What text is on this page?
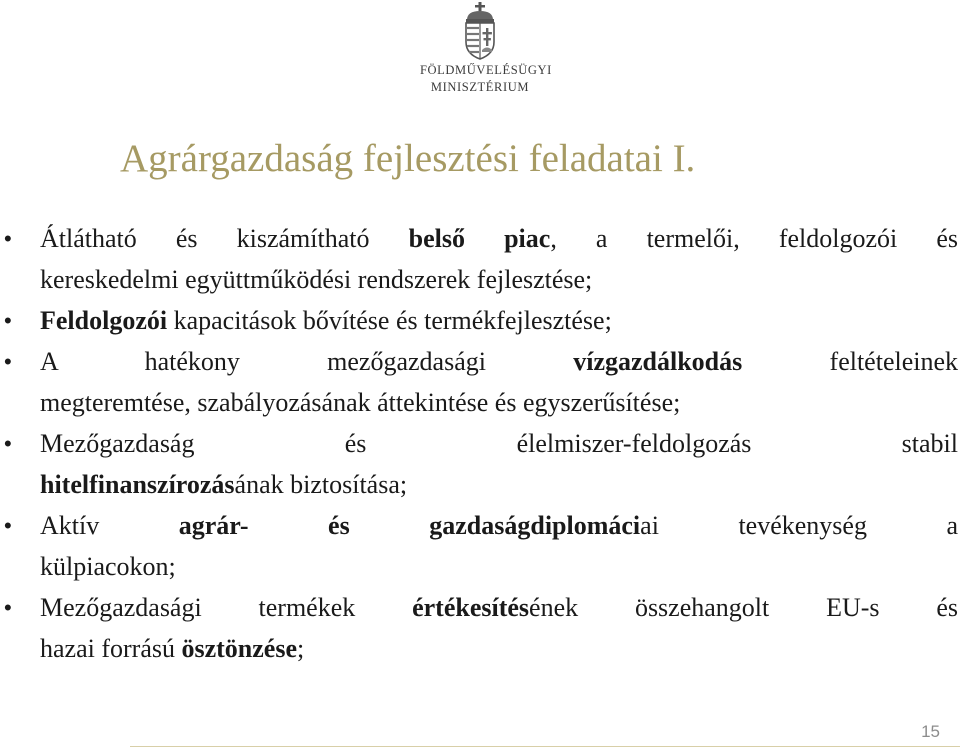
FÖLDMŰVELÉSÜGYI
MINISZTÉRIUM
Agrárgazdaság fejlesztési feladatai I.
• Átlátható és kiszámítható belső piac, a termelői, feldolgozói és
kereskedelmi együttműködési rendszerek fejlesztése;
• Feldolgozói kapacitások bővítése és termékfejlesztése;
• A hatékony mezőgazdasági	vízgazdálkodás	feltételeinek
megteremtése, szabályozásának áttekintése és egyszerűsítése;
• Mezőgazdaság és élelmiszer-feldolgozás stabil
hitelfinanszírozásának biztosítása;
• Aktív	agrár- és gazdaságdiplomáciai tevékenység a
külpiacokon;
• Mezőgazdasági termékek értékesítésének összehangolt EU-s és
hazai forrású ösztönzése;
15
